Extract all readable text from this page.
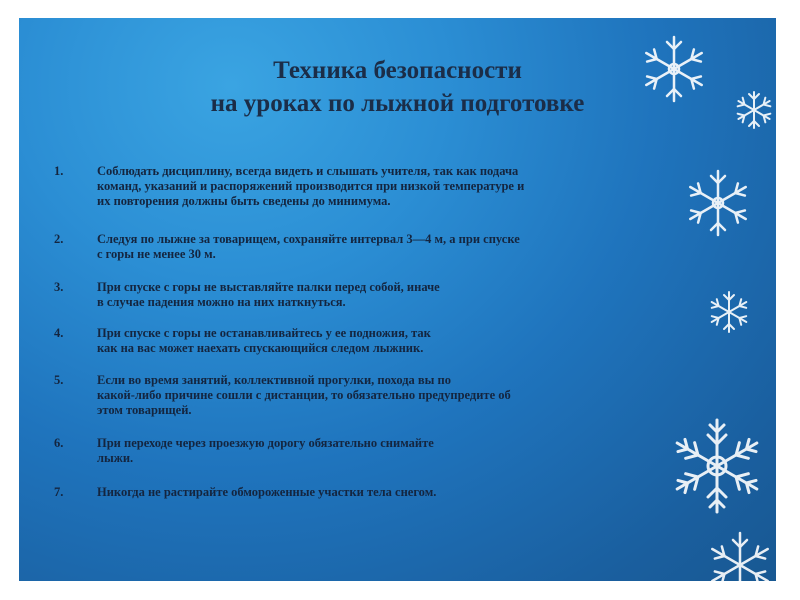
Техника безопасности
на уроках по лыжной подготовке
1.	Соблюдать дисциплину, всегда видеть и слышать учителя, так как подача
команд, указаний и распоряжений производится при низкой температуре и
их повторения должны быть сведены до минимума.
2.	Следуя по лыжне за товарищем, сохраняйте интервал 3—4 м, а при спуске
с горы не менее 30 м.
3.	При спуске с горы не выставляйте палки перед собой, иначе
в случае падения можно на них наткнуться.
4.	При спуске с горы не останавливайтесь у ее подножия, так
как на вас может наехать спускающийся следом лыжник.
5.	Если во время занятий, коллективной прогулки, похода вы по
какой-либо причине сошли с дистанции, то обязательно предупредите об
этом товарищей.
6.	При переходе через проезжую дорогу обязательно снимайте
лыжи.
7.	Никогда не растирайте обмороженные участки тела снегом.
